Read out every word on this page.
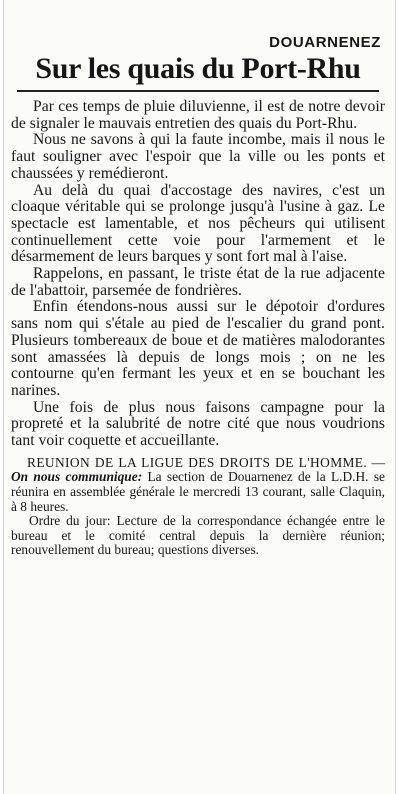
DOUARNENEZ
Sur les quais du Port-Rhu

Par ces temps de pluie diluvienne, il est de notre devoir de signaler le mauvais entretien des quais du Port-Rhu.

Nous ne savons à qui la faute incombe, mais il nous le faut souligner avec l'espoir que la ville ou les ponts et chaussées y remédieront.

Au delà du quai d'accostage des navires, c'est un cloaque véritable qui se prolonge jusqu'à l'usine à gaz. Le spectacle est lamentable, et nos pêcheurs qui utilisent continuellement cette voie pour l'armement et le désarmement de leurs barques y sont fort mal à l'aise.

Rappelons, en passant, le triste état de la rue adjacente de l'abattoir, parsemée de fondrières.

Enfin étendons-nous aussi sur le dépotoir d'ordures sans nom qui s'étale au pied de l'escalier du grand pont. Plusieurs tombereaux de boue et de matières malodorantes sont amassées là depuis de longs mois ; on ne les contourne qu'en fermant les yeux et en se bouchant les narines.

Une fois de plus nous faisons campagne pour la propreté et la salubrité de notre cité que nous voudrions tant voir coquette et accueillante.

REUNION DE LA LIGUE DES DROITS DE L'HOMME. — On nous communique: La section de Douarnenez de la L.D.H. se réunira en assemblée générale le mercredi 13 courant, salle Claquin, à 8 heures.

Ordre du jour: Lecture de la correspondance échangée entre le bureau et le comité central depuis la dernière réunion; renouvellement du bureau; questions diverses.
